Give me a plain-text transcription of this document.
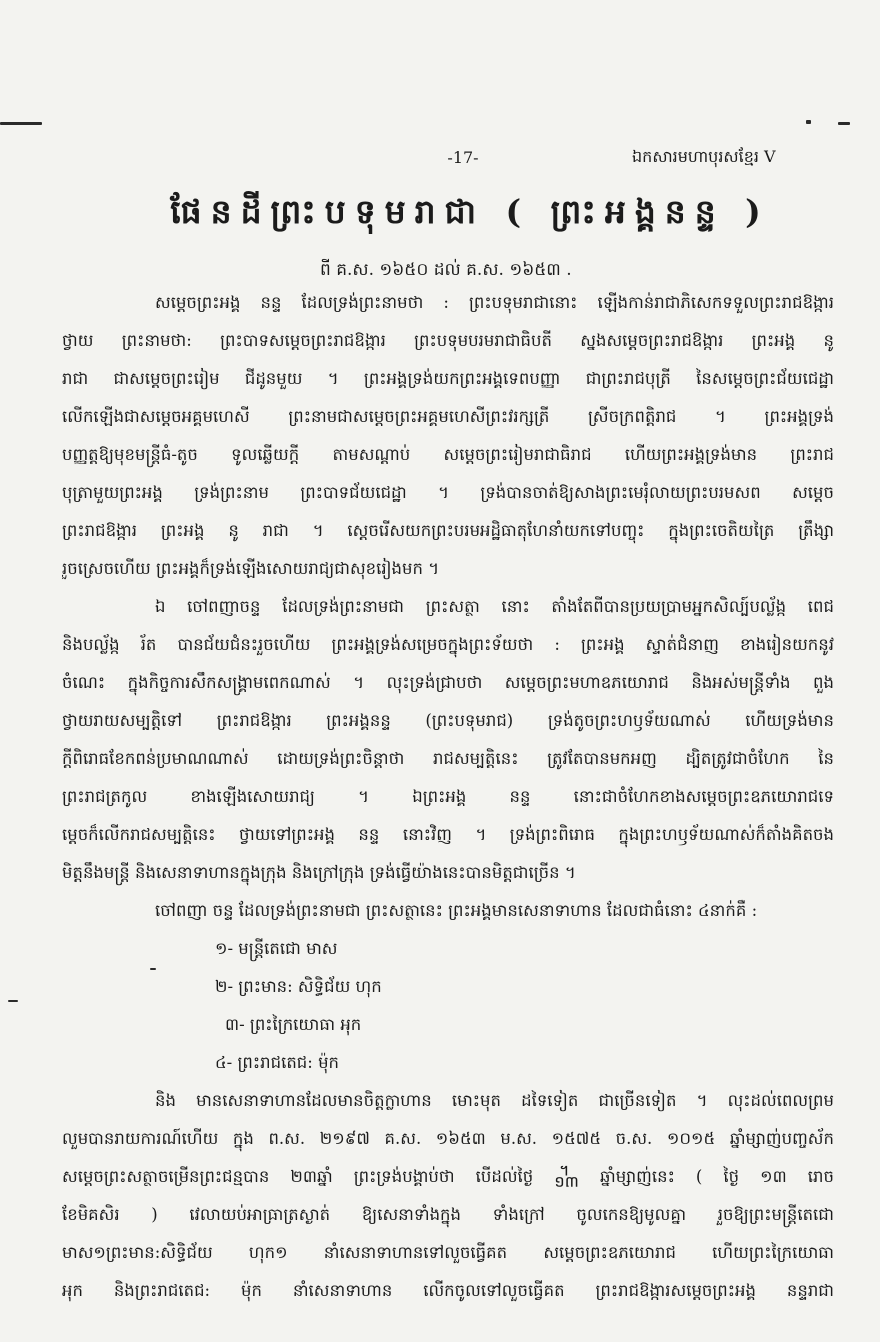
-17-	ឯកសារមហាបុរសខ្មែរ V
ផែនដីព្រះបទុមរាជា ( ព្រះអង្គនន្ទ )
ពី គ.ស. ១៦៥០ ដល់ គ.ស. ១៦៥៣ .
សម្តេចព្រះអង្គ នន្ទ ដែលទ្រង់ព្រះនាមថា : ព្រះបទុមរាជានោះ ឡើងកាន់រាជាភិសេកទទួលព្រះរាជឱង្ការ
ថ្វាយ ព្រះនាមថា: ព្រះបាទសម្តេចព្រះរាជឱង្ការ ព្រះបទុមបរមរាជាធិបតី ស្នងសម្តេចព្រះរាជឱង្ការ ព្រះអង្គ នូ
រាជា ជាសម្តេចព្រះរៀម ជីដូនមួយ ។ ព្រះអង្គទ្រង់យកព្រះអង្គទេពបញ្ញា ជាព្រះរាជបុត្រី នៃសម្តេចព្រះជ័យជេដ្ឋា
លើកឡើងជាសម្តេចអគ្គមហេសី ព្រះនាមជាសម្តេចព្រះអគ្គមហេសីព្រះវរក្សត្រី ស្រីចក្រពត្តិរាជ ។ ព្រះអង្គទ្រង់
បញ្ញត្តឱ្យមុខមន្ត្រីធំ-តូច ទូលឆ្លើយក្តី តាមសណ្តាប់ សម្តេចព្រះរៀមរាជាធិរាជ ហើយព្រះអង្គទ្រង់មាន ព្រះរាជ
បុត្រាមួយព្រះអង្គ ទ្រង់ព្រះនាម ព្រះបាទជ័យជេដ្ឋា ។ ទ្រង់បានចាត់ឱ្យសាងព្រះមេរុំលាយព្រះបរមសព សម្តេច
ព្រះរាជឱង្ការ ព្រះអង្គ នូ រាជា ។ ស្តេចរើសយកព្រះបរមអដ្ឋិធាតុហែនាំយកទៅបញ្ចុះ ក្នុងព្រះចេតិយត្រៃ ត្រឹង្សា
រួចស្រេចហើយ ព្រះអង្គក៏ទ្រង់ឡើងសោយរាជ្យជាសុខរៀងមក ។
ឯ ចៅពញាចន្ទ ដែលទ្រង់ព្រះនាមជា ព្រះសត្ថា នោះ តាំងតែពីបានប្រយប្រាមអ្នកសិល្ប៍បល្ល័ង្ក ពេជ
និងបល្ល័ង្ក រ័ត បានជ័យជំនះរួចហើយ ព្រះអង្គទ្រង់សម្រេចក្នុងព្រះទ័យថា : ព្រះអង្គ ស្ទាត់ជំនាញ ខាងរៀនយកនូវ
ចំណេះ ក្នុងកិច្ចការសឹកសង្គ្រាមពេកណាស់ ។ លុះទ្រង់ជ្រាបថា សម្តេចព្រះមហាឧភយោរាជ និងអស់មន្ត្រីទាំង ពួង
ថ្វាយរាយសម្បត្តិទៅ ព្រះរាជឱង្ការ ព្រះអង្គនន្ទ (ព្រះបទុមរាជ) ទ្រង់តូចព្រះហឫទ័យណាស់ ហើយទ្រង់មាន
ក្តីពិរោធខែកពន់ប្រមាណណាស់ ដោយទ្រង់ព្រះចិន្តាថា រាជសម្បត្តិនេះ ត្រូវតែបានមកអញ ដ្បិតត្រូវជាចំហែក នៃ
ព្រះរាជត្រកូល ខាងឡើងសោយរាជ្យ ។ ឯព្រះអង្គ នន្ទ នោះជាចំហែកខាងសម្តេចព្រះឧភយោរាជទេ
ម្តេចក៏លើករាជសម្បត្តិនេះ ថ្វាយទៅព្រះអង្គ នន្ទ នោះវិញ ។ ទ្រង់ព្រះពិរោធ ក្នុងព្រះហឫទ័យណាស់ក៏តាំងគិតចង
មិត្តនឹងមន្ត្រី និងសេនាទាហានក្នុងក្រុង និងក្រៅក្រុង ទ្រង់ធ្វើយ៉ាងនេះបានមិត្តជាច្រើន ។
ចៅពញា ចន្ទ ដែលទ្រង់ព្រះនាមជា ព្រះសត្ថានេះ ព្រះអង្គមានសេនាទាហាន ដែលជាធំនោះ ៤នាក់គឺ :
១- មន្ត្រីតេជោ មាស
២- ព្រះមាន: សិទ្ធិជ័យ ហុក
៣- ព្រះក្រៃយោធា អុក
៤- ព្រះរាជតេជ: ម៉ុក
និង មានសេនាទាហានដែលមានចិត្តក្លាហាន មោះមុត ដទៃទៀត ជាច្រើនទៀត ។ លុះដល់ពេលព្រម
លួមបានរាយការណ៍ហើយ ក្នុង ព.ស. ២១៩៧ គ.ស. ១៦៥៣ ម.ស. ១៥៧៥ ច.ស. ១០១៥ ឆ្នាំម្សាញ់បញ្ចស័ក
សម្តេចព្រះសត្ថាចម្រើនព្រះជន្មបាន ២៣ឆ្នាំ ព្រះទ្រង់បង្គាប់ថា បើដល់ថ្ងៃ ᧽ ឆ្នាំម្សាញ់នេះ ( ថ្ងៃ ១៣ រោច
ខែមិគសិរ ) វេលាយប់អាធ្រាត្រស្ងាត់ ឱ្យសេនាទាំងក្នុង ទាំងក្រៅ ចូលកេនឱ្យមូលគ្នា រួចឱ្យព្រះមន្ត្រីតេជោ
មាស១ព្រះមាន:សិទ្ធិជ័យ ហុក១ នាំសេនាទាហានទៅលួចធ្វើគត សម្តេចព្រះឧភយោរាជ ហើយព្រះក្រៃយោធា
អុក និងព្រះរាជតេជ: ម៉ុក នាំសេនាទាហាន លើកចូលទៅលួចធ្វើគត ព្រះរាជឱង្ការសម្តេចព្រះអង្គ នន្ទរាជា
